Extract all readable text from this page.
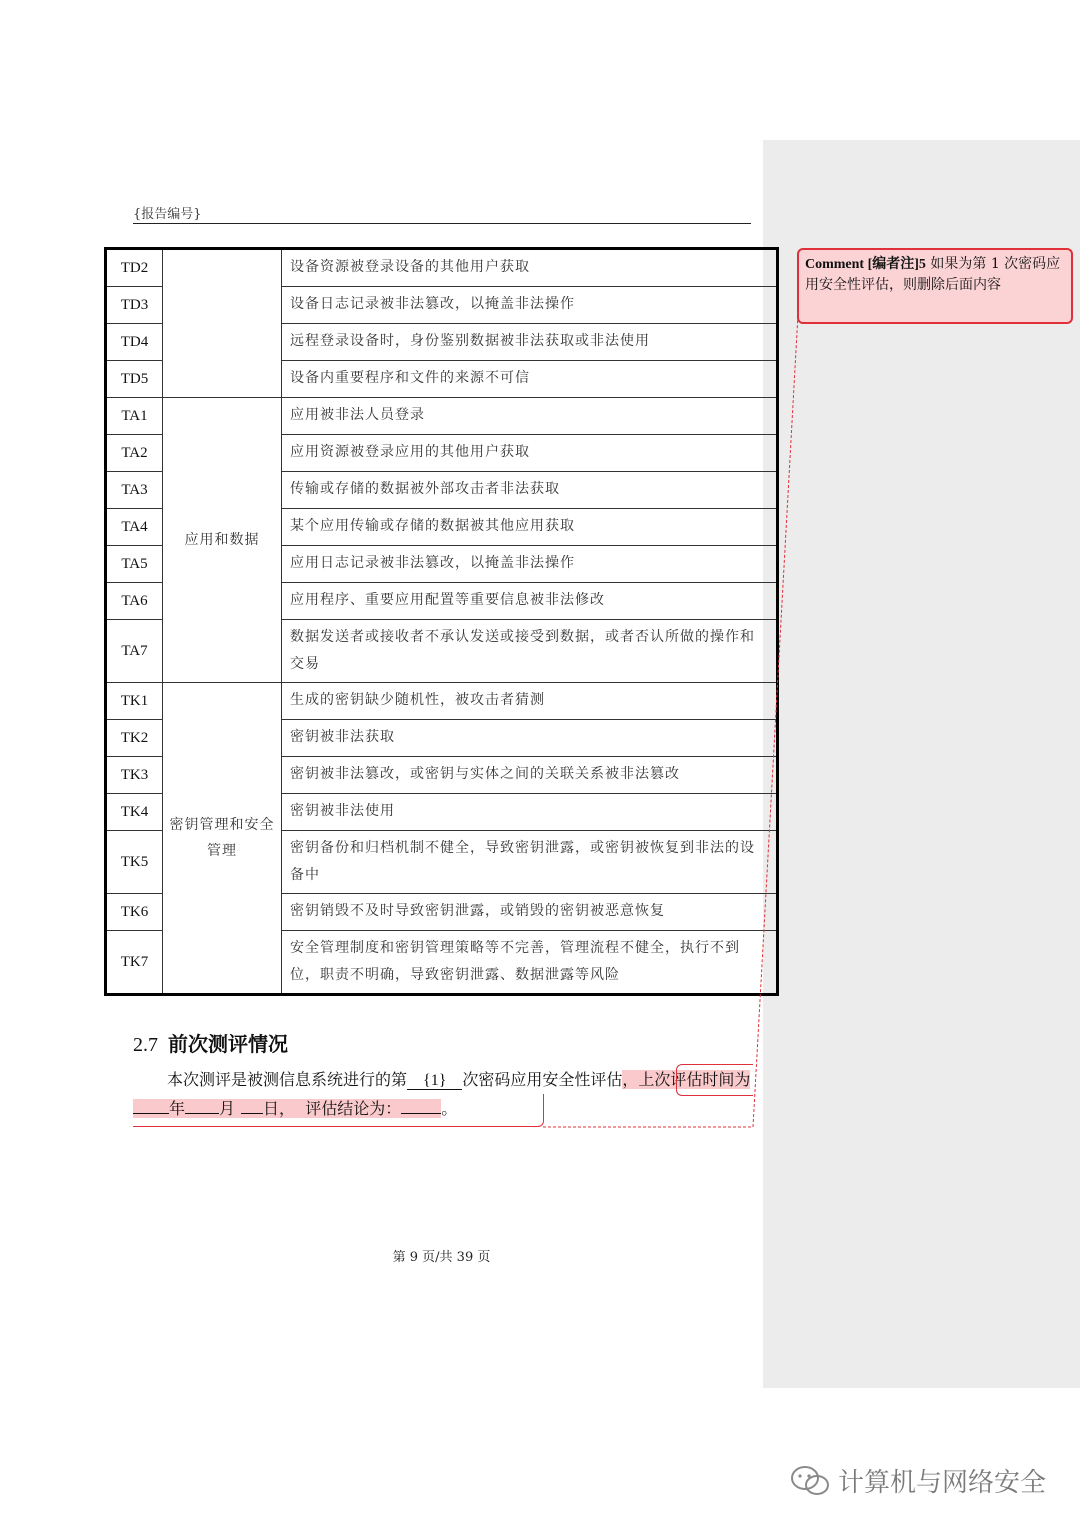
{报告编号}
TD2		设备资源被登录设备的其他用户获取
TD3		设备日志记录被非法篡改，以掩盖非法操作
TD4		远程登录设备时，身份鉴别数据被非法获取或非法使用
TD5		设备内重要程序和文件的来源不可信
TA1	应用和数据	应用被非法人员登录
TA2		应用资源被登录应用的其他用户获取
TA3		传输或存储的数据被外部攻击者非法获取
TA4		某个应用传输或存储的数据被其他应用获取
TA5		应用日志记录被非法篡改，以掩盖非法操作
TA6		应用程序、重要应用配置等重要信息被非法修改
TA7		数据发送者或接收者不承认发送或接受到数据，或者否认所做的操作和交易
TK1	密钥管理和安全管理	生成的密钥缺少随机性，被攻击者猜测
TK2		密钥被非法获取
TK3		密钥被非法篡改，或密钥与实体之间的关联关系被非法篡改
TK4		密钥被非法使用
TK5		密钥备份和归档机制不健全，导致密钥泄露，或密钥被恢复到非法的设备中
TK6		密钥销毁不及时导致密钥泄露，或销毁的密钥被恶意恢复
TK7		安全管理制度和密钥管理策略等不完善，管理流程不健全，执行不到位，职责不明确，导致密钥泄露、数据泄露等风险
2.7 前次测评情况
本次测评是被测信息系统进行的第 {1} 次密码应用安全性评估，上次评估时间为年 月 日， 评估结论为：	。
Comment [编者注]5 如果为第 1 次密码应用安全性评估，则删除后面内容
第 9 页/共 39 页
计算机与网络安全
